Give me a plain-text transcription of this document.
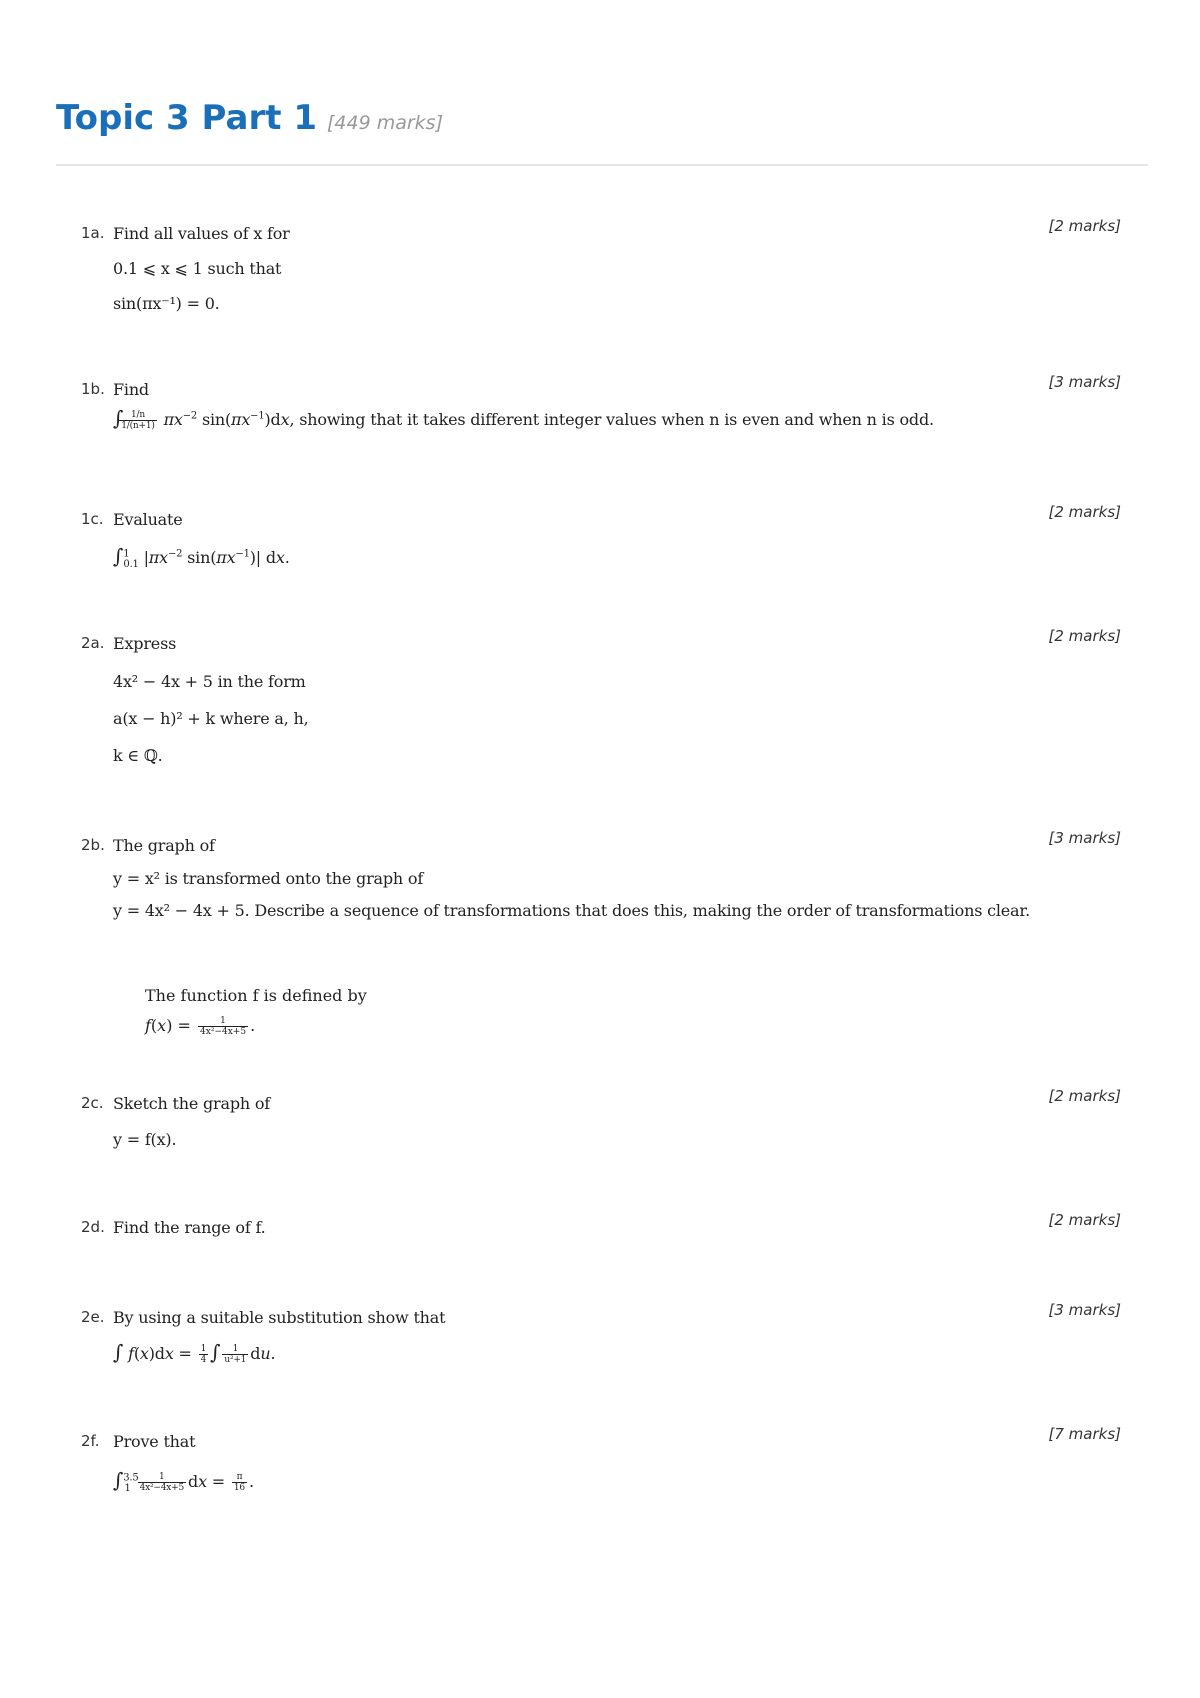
Topic 3 Part 1 [449 marks]
1a.	[2 marks]
Find all values of x for
0.1 ⩽ x ⩽ 1 such that
sin(πx⁻¹) = 0.
1b.	[3 marks]
Find
∫
$\frac{1/n}{1/(n+1)} \pi x^{-2}$ $\sin(\pi x^{-1})dx$, showing that it takes different integer values when n is even and when n is odd.
1c.	[2 marks]
Evaluate
∫$^1_{0.1}$ $|\pi x^{-2}$ $\sin(\pi x^{-1})|$ dx.
2a.	[2 marks]
Express
4x² − 4x + 5 in the form
a(x − h)² + k where a, h,
k ∈ ℚ.
2b.	[3 marks]
The graph of
y = x² is transformed onto the graph of
y = 4x² − 4x + 5. Describe a sequence of transformations that does this, making the order of transformations clear.
The function f is defined by
$f(x) = \frac{1}{\text{4x²−4x+5}}$ .
2c.	[2 marks]
Sketch the graph of
y = f(x).
2d.	[2 marks]
Find the range of f.
2e.	[3 marks]
By using a suitable substitution show that
∫ $f(x)dx = \frac{1}{4}$ ∫ $\frac{1}{\text{u²+1}}$ du.
2f.	[7 marks]
Prove that
$\int^{3.5}_1 \frac{1}{\text{4x²−4x+5}}$ dx = $\frac{\pi}{16}$ .
